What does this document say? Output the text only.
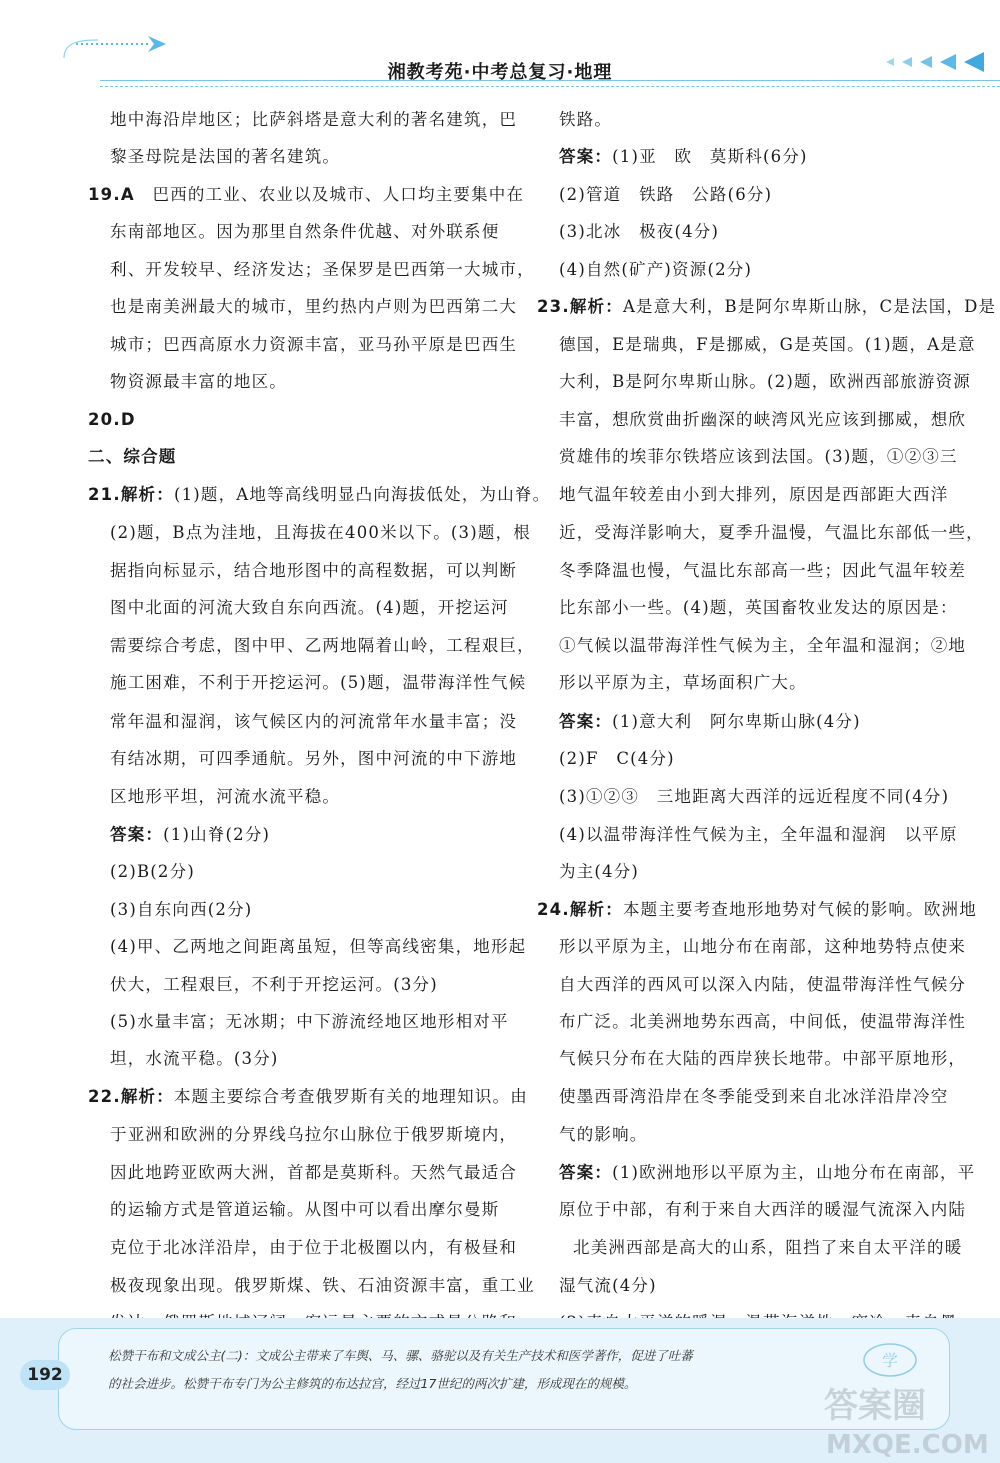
湘教考苑·中考总复习·地理
地中海沿岸地区；比萨斜塔是意大利的著名建筑，巴
黎圣母院是法国的著名建筑。
19.A　巴西的工业、农业以及城市、人口均主要集中在
东南部地区。因为那里自然条件优越、对外联系便
利、开发较早、经济发达；圣保罗是巴西第一大城市，
也是南美洲最大的城市，里约热内卢则为巴西第二大
城市；巴西高原水力资源丰富，亚马孙平原是巴西生
物资源最丰富的地区。
20.D
二、综合题
21.解析：(1)题，A地等高线明显凸向海拔低处，为山脊。
(2)题，B点为洼地，且海拔在400米以下。(3)题，根
据指向标显示，结合地形图中的高程数据，可以判断
图中北面的河流大致自东向西流。(4)题，开挖运河
需要综合考虑，图中甲、乙两地隔着山岭，工程艰巨，
施工困难，不利于开挖运河。(5)题，温带海洋性气候
常年温和湿润，该气候区内的河流常年水量丰富；没
有结冰期，可四季通航。另外，图中河流的中下游地
区地形平坦，河流水流平稳。
答案：(1)山脊(2分)
(2)B(2分)
(3)自东向西(2分)
(4)甲、乙两地之间距离虽短，但等高线密集，地形起
伏大，工程艰巨，不利于开挖运河。(3分)
(5)水量丰富；无冰期；中下游流经地区地形相对平
坦，水流平稳。(3分)
22.解析：本题主要综合考查俄罗斯有关的地理知识。由
于亚洲和欧洲的分界线乌拉尔山脉位于俄罗斯境内，
因此地跨亚欧两大洲，首都是莫斯科。天然气最适合
的运输方式是管道运输。从图中可以看出摩尔曼斯
克位于北冰洋沿岸，由于位于北极圈以内，有极昼和
极夜现象出现。俄罗斯煤、铁、石油资源丰富，重工业
铁路。
答案：(1)亚　欧　莫斯科(6分)
(2)管道　铁路　公路(6分)
(3)北冰　极夜(4分)
(4)自然(矿产)资源(2分)
23.解析：A是意大利，B是阿尔卑斯山脉，C是法国，D是
德国，E是瑞典，F是挪威，G是英国。(1)题，A是意
大利，B是阿尔卑斯山脉。(2)题，欧洲西部旅游资源
丰富，想欣赏曲折幽深的峡湾风光应该到挪威，想欣
赏雄伟的埃菲尔铁塔应该到法国。(3)题，①②③三
地气温年较差由小到大排列，原因是西部距大西洋
近，受海洋影响大，夏季升温慢，气温比东部低一些，
冬季降温也慢，气温比东部高一些；因此气温年较差
比东部小一些。(4)题，英国畜牧业发达的原因是：
①气候以温带海洋性气候为主，全年温和湿润；②地
形以平原为主，草场面积广大。
答案：(1)意大利　阿尔卑斯山脉(4分)
(2)F　C(4分)
(3)①②③　三地距离大西洋的远近程度不同(4分)
(4)以温带海洋性气候为主，全年温和湿润　以平原
为主(4分)
24.解析：本题主要考查地形地势对气候的影响。欧洲地
形以平原为主，山地分布在南部，这种地势特点使来
自大西洋的西风可以深入内陆，使温带海洋性气候分
布广泛。北美洲地势东西高，中间低，使温带海洋性
气候只分布在大陆的西岸狭长地带。中部平原地形，
使墨西哥湾沿岸在冬季能受到来自北冰洋沿岸冷空
气的影响。
答案：(1)欧洲地形以平原为主，山地分布在南部，平
原位于中部，有利于来自大西洋的暖湿气流深入内陆
北美洲西部是高大的山系，阻挡了来自太平洋的暖
湿气流(4分)
192
松赞干布和文成公主(二)：文成公主带来了车舆、马、骡、骆驼以及有关生产技术和医学著作，促进了吐蕃
的社会进步。松赞干布专门为公主修筑的布达拉宫，经过17世纪的两次扩建，形成现在的规模。
学
答案圈
MXQE.COM
